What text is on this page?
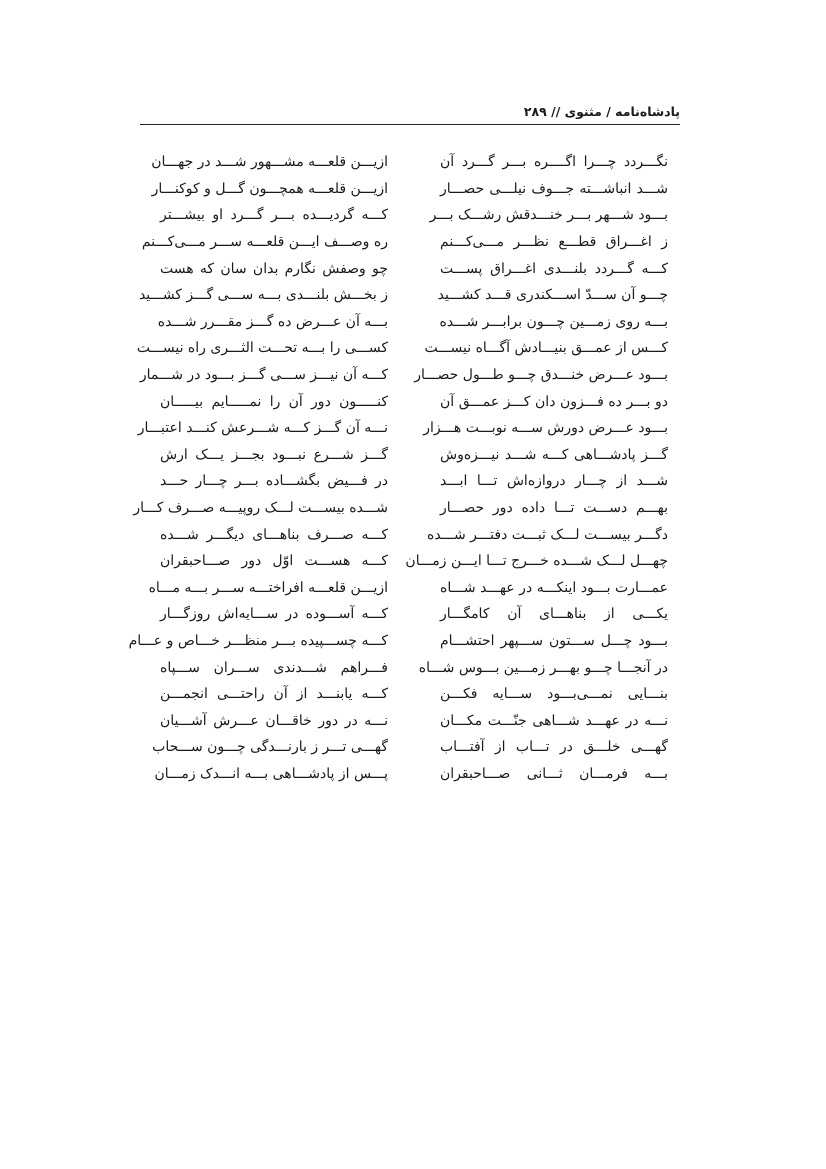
پادشاه‌نامه / مثنوی // ۲۸۹
نگـــردد چـــرا اگــــره بـــر گـــرد آن
ازیـــن قلعـــه مشـــهور شـــد در جهـــان
شـــد انباشـــته جـــوف نیلـــی حصـــار
ازیـــن قلعـــه همچـــون گـــل و کوکنـــار
بـــود شـــهر بـــر خنـــدقش رشـــک بـــر
کـــه گردیـــده بـــر گـــرد او بیشـــتر
ز اغـــراق قطـــع نظـــر مـــی‌کـــنم
ره وصـــف ایـــن قلعـــه ســـر مـــی‌کـــنم
کـــه گـــردد بلنـــدی اغـــراق پســـت
چو وصفش نگارم بدان سان که هست
چـــو آن ســـدّ اســـکندری قـــد کشـــید
ز بخـــش بلنـــدی بـــه ســـی گـــز کشـــید
بـــه روی زمـــین چـــون برابـــر شـــده
بـــه آن عـــرض ده گـــز مقـــرر شـــده
کـــس از عمـــق بنیـــادش آگـــاه نیســـت
کســـی را بـــه تحـــت الثـــری راه نیســـت
بـــود عـــرض خنـــدق چـــو طـــول حصـــار
کـــه آن نیـــز ســـی گـــز بـــود در شـــمار
دو بـــر ده فـــزون دان کـــز عمـــق آن
کنـــــون دور آن را نمـــــایم بیـــــان
بـــود عـــرض دورش ســـه نوبـــت هـــزار
نـــه آن گـــز کـــه شـــرعش کنـــد اعتبـــار
گـــز پادشـــاهی کـــه شـــد نیـــزه‌وش
گـــز شـــرع نبـــود بجـــز یـــک ارش
شـــد از چـــار دروازه‌اش تـــا ابـــد
در فـــیض بگشـــاده بـــر چـــار حـــد
بهـــم دســـت تـــا داده دور حصـــار
شـــده بیســـت لـــک روپیـــه صـــرف کـــار
دگـــر بیســـت لـــک ثبـــت دفتـــر شـــده
کـــه صـــرف بناهـــای دیگـــر شـــده
چهـــل لـــک شـــده خـــرج تـــا ایـــن زمـــان
کـــه هســـت اوّل دور صـــاحبقران
عمـــارت بـــود اینکـــه در عهـــد شـــاه
ازیـــن قلعـــه افراختـــه ســـر بـــه مـــاه
یکـــی از بناهـــای آن کامگـــار
کـــه آســـوده در ســـایه‌اش روزگـــار
بـــود چـــل ســـتون ســـپهر احتشـــام
کـــه چســـپیده بـــر منظـــر خـــاص و عـــام
در آنجـــا چـــو بهـــر زمـــین بـــوس شـــاه
فـــراهم شـــدندی ســـران ســـپاه
بنـــایی نمـــی‌بـــود ســـایه فکـــن
کـــه یابنـــد از آن راحتـــی انجمـــن
نـــه در عهـــد شـــاهی جنّـــت مکـــان
نـــه در دور خاقـــان عـــرش آشـــیان
گهـــی خلـــق در تـــاب از آفتـــاب
گهـــی تـــر ز بارنـــدگی چـــون ســـحاب
بـــه فرمـــان ثـــانی صـــاحبقران
پـــس از پادشـــاهی بـــه انـــدک زمـــان
